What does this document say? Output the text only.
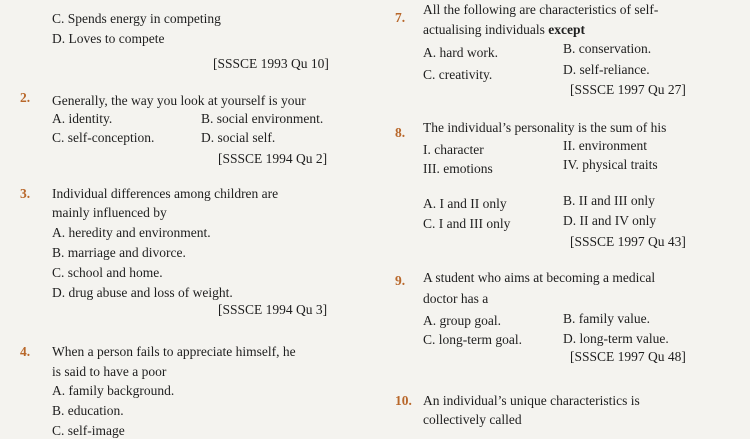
C. Spends energy in competing
D. Loves to compete
[SSSCE 1993 Qu 10]
2. Generally, the way you look at yourself is your
A. identity.	B. social environment.
C. self-conception.	D. social self.
[SSSCE 1994 Qu 2]
3. Individual differences among children are
mainly influenced by
A. heredity and environment.
B. marriage and divorce.
C. school and home.
D. drug abuse and loss of weight.
[SSSCE 1994 Qu 3]
4. When a person fails to appreciate himself, he
is said to have a poor
A. family background.
B. education.
C. self-image
7.
All the following are characteristics of self-
actualising individuals except
A. hard work.	B. conservation.
C. creativity.	D. self-reliance.
[SSSCE 1997 Qu 27]
8. The individual’s personality is the sum of his
I. character	II. environment
III. emotions	IV. physical traits
A. I and II only	B. II and III only
C. I and III only	D. II and IV only
[SSSCE 1997 Qu 43]
9. A student who aims at becoming a medical
doctor has a
A. group goal.	B. family value.
C. long-term goal.	D. long-term value.
[SSSCE 1997 Qu 48]
10. An individual’s unique characteristics is
collectively called
